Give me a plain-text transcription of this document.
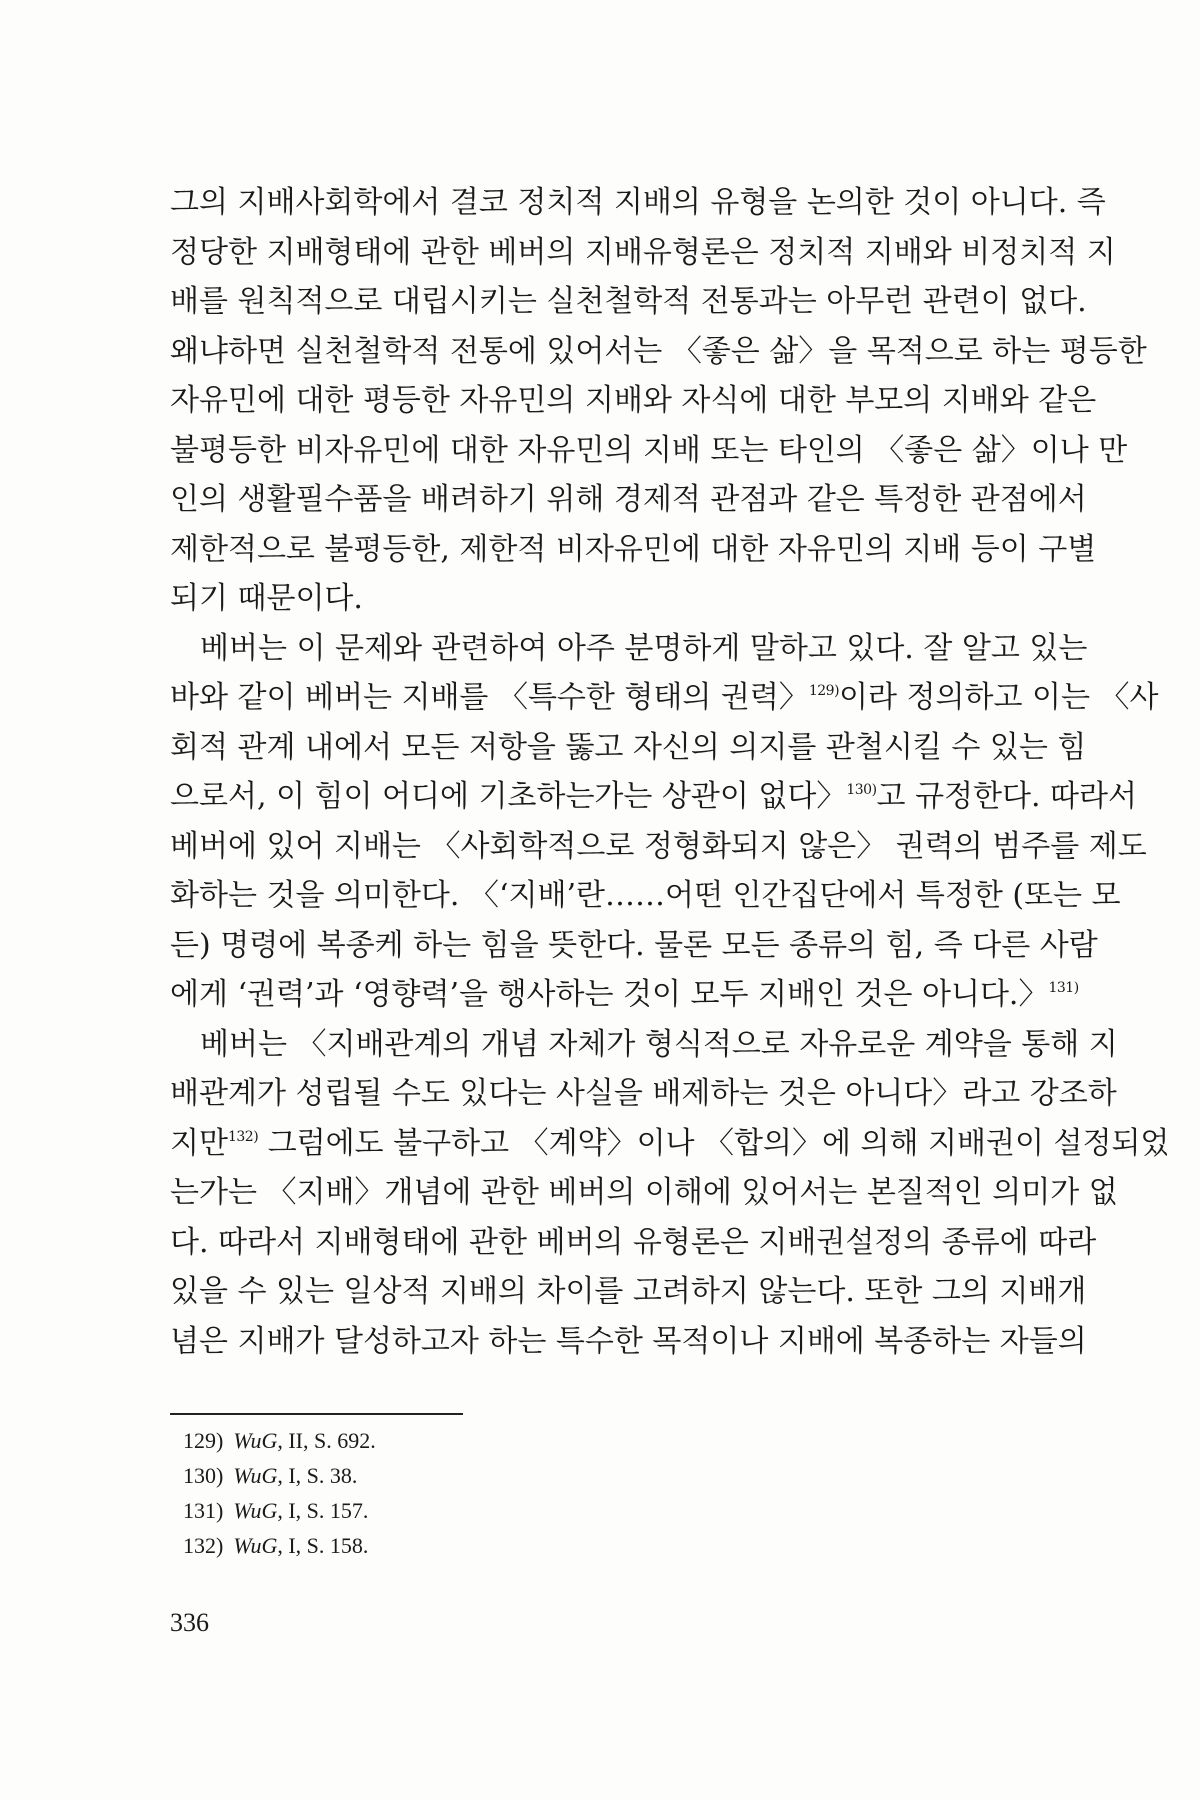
그의 지배사회학에서 결코 정치적 지배의 유형을 논의한 것이 아니다. 즉
정당한 지배형태에 관한 베버의 지배유형론은 정치적 지배와 비정치적 지
배를 원칙적으로 대립시키는 실천철학적 전통과는 아무런 관련이 없다.
왜냐하면 실천철학적 전통에 있어서는 〈좋은 삶〉을 목적으로 하는 평등한
자유민에 대한 평등한 자유민의 지배와 자식에 대한 부모의 지배와 같은
불평등한 비자유민에 대한 자유민의 지배 또는 타인의 〈좋은 삶〉이나 만
인의 생활필수품을 배려하기 위해 경제적 관점과 같은 특정한 관점에서
제한적으로 불평등한, 제한적 비자유민에 대한 자유민의 지배 등이 구별
되기 때문이다.
베버는 이 문제와 관련하여 아주 분명하게 말하고 있다. 잘 알고 있는
바와 같이 베버는 지배를 〈특수한 형태의 권력〉$^{129)}$이라 정의하고 이는 〈사
회적 관계 내에서 모든 저항을 뚫고 자신의 의지를 관철시킬 수 있는 힘
으로서, 이 힘이 어디에 기초하는가는 상관이 없다〉$^{130)}$고 규정한다. 따라서
베버에 있어 지배는 〈사회학적으로 정형화되지 않은〉 권력의 범주를 제도
화하는 것을 의미한다. 〈‘지배’란……어떤 인간집단에서 특정한 (또는 모
든) 명령에 복종케 하는 힘을 뜻한다. 물론 모든 종류의 힘, 즉 다른 사람
에게 ‘권력’과 ‘영향력’을 행사하는 것이 모두 지배인 것은 아니다.〉$^{131)}$
베버는 〈지배관계의 개념 자체가 형식적으로 자유로운 계약을 통해 지
배관계가 성립될 수도 있다는 사실을 배제하는 것은 아니다〉라고 강조하
지만$^{132)}$ 그럼에도 불구하고 〈계약〉이나 〈합의〉에 의해 지배권이 설정되었
는가는 〈지배〉개념에 관한 베버의 이해에 있어서는 본질적인 의미가 없
다. 따라서 지배형태에 관한 베버의 유형론은 지배권설정의 종류에 따라
있을 수 있는 일상적 지배의 차이를 고려하지 않는다. 또한 그의 지배개
념은 지배가 달성하고자 하는 특수한 목적이나 지배에 복종하는 자들의
129) WuG, II, S. 692.
130) WuG, I, S. 38.
131) WuG, I, S. 157.
132) WuG, I, S. 158.
336
